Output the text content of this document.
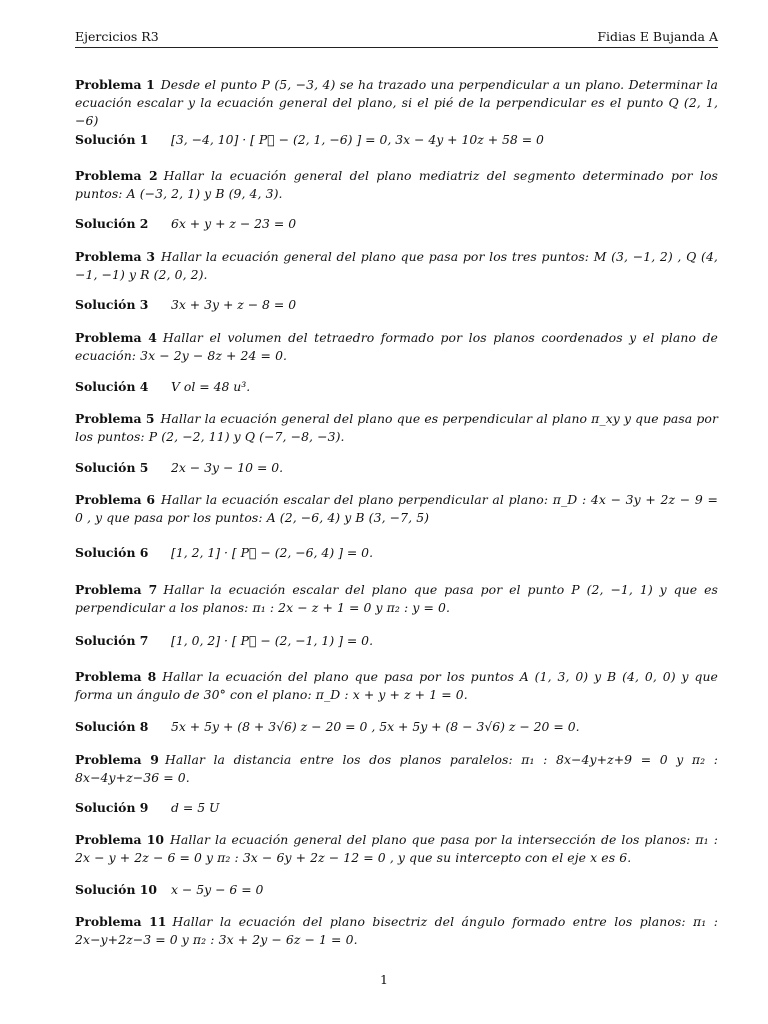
Ejercicios R3	Fidias E Bujanda A
Problema 1 Desde el punto P (5, −3, 4) se ha trazado una perpendicular a un plano. Determinar la ecuación escalar y la ecuación general del plano, si el pié de la perpendicular es el punto Q (2, 1, −6)
Solución 1 [3, −4, 10] · [ P⃗ − (2, 1, −6) ] = 0, 3x − 4y + 10z + 58 = 0
Problema 2 Hallar la ecuación general del plano mediatriz del segmento determinado por los puntos: A (−3, 2, 1) y B (9, 4, 3).
Solución 2 6x + y + z − 23 = 0
Problema 3 Hallar la ecuación general del plano que pasa por los tres puntos: M (3, −1, 2) , Q (4, −1, −1) y R (2, 0, 2).
Solución 3 3x + 3y + z − 8 = 0
Problema 4 Hallar el volumen del tetraedro formado por los planos coordenados y el plano de ecuación: 3x − 2y − 8z + 24 = 0.
Solución 4 V ol = 48 u³.
Problema 5 Hallar la ecuación general del plano que es perpendicular al plano π_xy y que pasa por los puntos: P (2, −2, 11) y Q (−7, −8, −3).
Solución 5 2x − 3y − 10 = 0.
Problema 6 Hallar la ecuación escalar del plano perpendicular al plano: π_D : 4x − 3y + 2z − 9 = 0 , y que pasa por los puntos: A (2, −6, 4) y B (3, −7, 5)
Solución 6 [1, 2, 1] · [ P⃗ − (2, −6, 4) ] = 0.
Problema 7 Hallar la ecuación escalar del plano que pasa por el punto P (2, −1, 1) y que es perpendicular a los planos: π₁ : 2x − z + 1 = 0 y π₂ : y = 0.
Solución 7 [1, 0, 2] · [ P⃗ − (2, −1, 1) ] = 0.
Problema 8 Hallar la ecuación del plano que pasa por los puntos A (1, 3, 0) y B (4, 0, 0) y que forma un ángulo de 30° con el plano: π_D : x + y + z + 1 = 0.
Solución 8 5x + 5y + (8 + 3√6) z − 20 = 0 , 5x + 5y + (8 − 3√6) z − 20 = 0.
Problema 9 Hallar la distancia entre los dos planos paralelos: π₁ : 8x−4y+z+9 = 0 y π₂ : 8x−4y+z−36 = 0.
Solución 9 d = 5 U
Problema 10 Hallar la ecuación general del plano que pasa por la intersección de los planos: π₁ : 2x − y + 2z − 6 = 0 y π₂ : 3x − 6y + 2z − 12 = 0 , y que su intercepto con el eje x es 6.
Solución 10 x − 5y − 6 = 0
Problema 11 Hallar la ecuación del plano bisectriz del ángulo formado entre los planos: π₁ : 2x−y+2z−3 = 0 y π₂ : 3x + 2y − 6z − 1 = 0.
1
